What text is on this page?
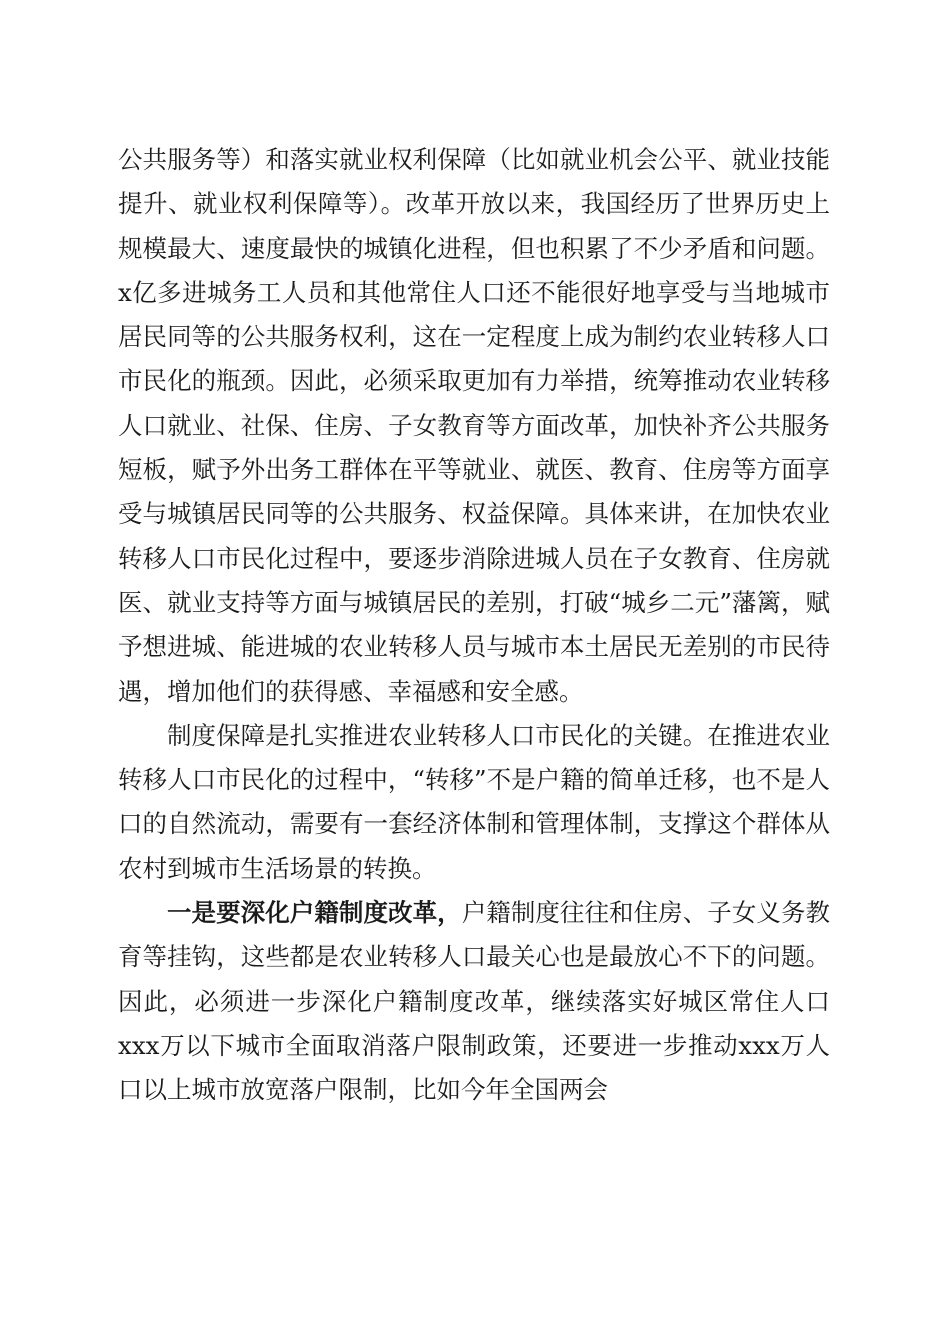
公共服务等）和落实就业权利保障（比如就业机会公平、就业技能提升、就业权利保障等）。改革开放以来，我国经历了世界历史上规模最大、速度最快的城镇化进程，但也积累了不少矛盾和问题。x亿多进城务工人员和其他常住人口还不能很好地享受与当地城市居民同等的公共服务权利，这在一定程度上成为制约农业转移人口市民化的瓶颈。因此，必须采取更加有力举措，统筹推动农业转移人口就业、社保、住房、子女教育等方面改革，加快补齐公共服务短板，赋予外出务工群体在平等就业、就医、教育、住房等方面享受与城镇居民同等的公共服务、权益保障。具体来讲，在加快农业转移人口市民化过程中，要逐步消除进城人员在子女教育、住房就医、就业支持等方面与城镇居民的差别，打破“城乡二元”藩篱，赋予想进城、能进城的农业转移人员与城市本土居民无差别的市民待遇，增加他们的获得感、幸福感和安全感。

制度保障是扎实推进农业转移人口市民化的关键。在推进农业转移人口市民化的过程中，“转移”不是户籍的简单迁移，也不是人口的自然流动，需要有一套经济体制和管理体制，支撑这个群体从农村到城市生活场景的转换。

一是要深化户籍制度改革，户籍制度往往和住房、子女义务教育等挂钩，这些都是农业转移人口最关心也是最放心不下的问题。因此，必须进一步深化户籍制度改革，继续落实好城区常住人口xxx万以下城市全面取消落户限制政策，还要进一步推动xxx万人口以上城市放宽落户限制，比如今年全国两会
